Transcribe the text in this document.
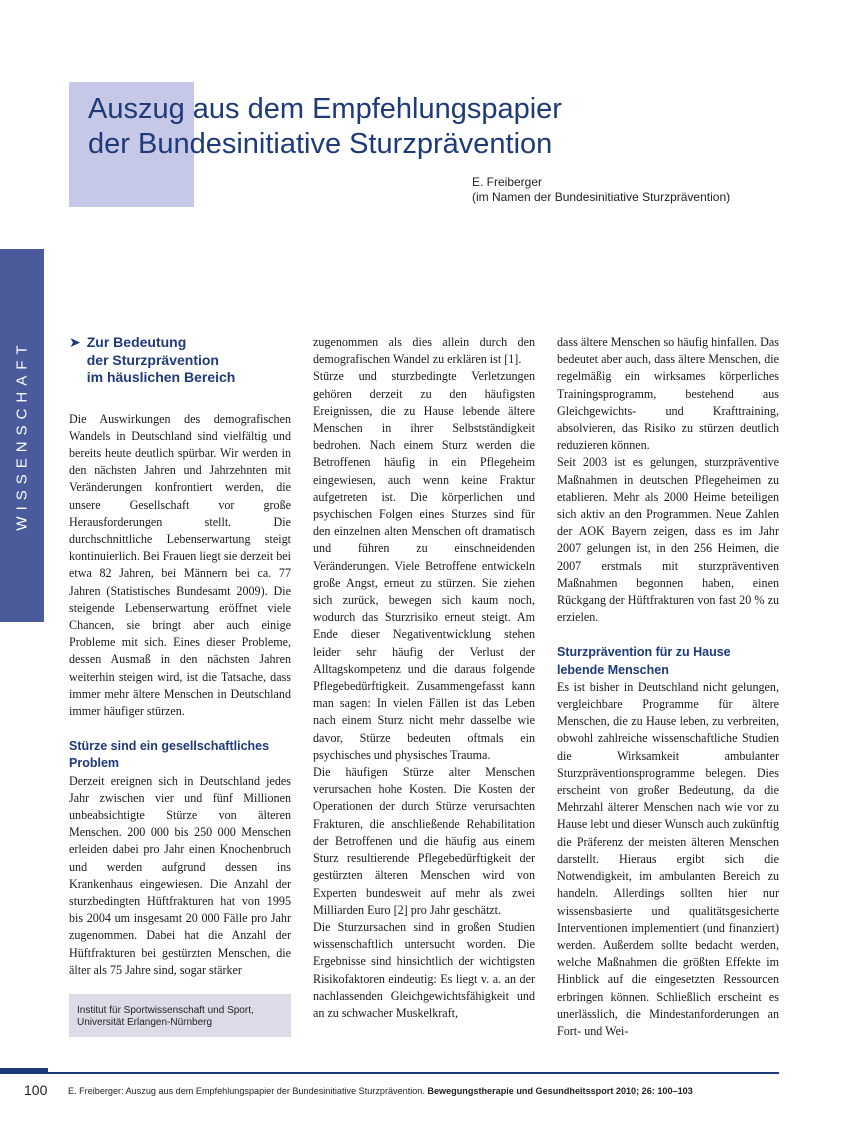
Auszug aus dem Empfehlungspapier
der Bundesinitiative Sturzprävention
E. Freiberger
(im Namen der Bundesinitiative Sturzprävention)
WISSENSCHAFT	➤ Zur Bedeutung
der Sturzprävention
im häuslichen Bereich

Die Auswirkungen des demografischen Wandels in Deutschland sind vielfältig und bereits heute deutlich spürbar. Wir werden in den nächsten Jahren und Jahrzehnten mit Veränderungen konfrontiert werden, die unsere Gesellschaft vor große Herausforderungen stellt. Die durchschnittliche Lebenserwartung steigt kontinuierlich. Bei Frauen liegt sie derzeit bei etwa 82 Jahren, bei Männern bei ca. 77 Jahren (Statistisches Bundesamt 2009). Die steigende Lebenserwartung eröffnet viele Chancen, sie bringt aber auch einige Probleme mit sich. Eines dieser Probleme, dessen Ausmaß in den nächsten Jahren weiterhin steigen wird, ist die Tatsache, dass immer mehr ältere Menschen in Deutschland immer häufiger stürzen.

Stürze sind ein gesellschaftliches Problem

Derzeit ereignen sich in Deutschland jedes Jahr zwischen vier und fünf Millionen unbeabsichtigte Stürze von älteren Menschen. 200 000 bis 250 000 Menschen erleiden dabei pro Jahr einen Knochenbruch und werden aufgrund dessen ins Krankenhaus eingewiesen. Die Anzahl der sturzbedingten Hüftfrakturen hat von 1995 bis 2004 um insgesamt 20 000 Fälle pro Jahr zugenommen. Dabei hat die Anzahl der Hüftfrakturen bei gestürzten Menschen, die älter als 75 Jahre sind, sogar stärker

zugenommen als dies allein durch den demografischen Wandel zu erklären ist [1].

Stürze und sturzbedingte Verletzungen gehören derzeit zu den häufigsten Ereignissen, die zu Hause lebende ältere Menschen in ihrer Selbstständigkeit bedrohen. Nach einem Sturz werden die Betroffenen häufig in ein Pflegeheim eingewiesen, auch wenn keine Fraktur aufgetreten ist. Die körperlichen und psychischen Folgen eines Sturzes sind für den einzelnen alten Menschen oft dramatisch und führen zu einschneidenden Veränderungen. Viele Betroffene entwickeln große Angst, erneut zu stürzen. Sie ziehen sich zurück, bewegen sich kaum noch, wodurch das Sturzrisiko erneut steigt. Am Ende dieser Negativentwicklung stehen leider sehr häufig der Verlust der Alltagskompetenz und die daraus folgende Pflegebedürftigkeit. Zusammengefasst kann man sagen: In vielen Fällen ist das Leben nach einem Sturz nicht mehr dasselbe wie davor, Stürze bedeuten oftmals ein psychisches und physisches Trauma.

Die häufigen Stürze alter Menschen verursachen hohe Kosten. Die Kosten der Operationen der durch Stürze verursachten Frakturen, die anschließende Rehabilitation der Betroffenen und die häufig aus einem Sturz resultierende Pflegebedürftigkeit der gestürzten älteren Menschen wird von Experten bundesweit auf mehr als zwei Milliarden Euro [2] pro Jahr geschätzt.

Die Sturzursachen sind in großen Studien wissenschaftlich untersucht worden. Die Ergebnisse sind hinsichtlich der wichtigsten Risikofaktoren eindeutig: Es liegt v. a. an der nachlassenden Gleichgewichtsfähigkeit und an zu schwacher Muskelkraft,

dass ältere Menschen so häufig hinfallen. Das bedeutet aber auch, dass ältere Menschen, die regelmäßig ein wirksames körperliches Trainingsprogramm, bestehend aus Gleichgewichts- und Krafttraining, absolvieren, das Risiko zu stürzen deutlich reduzieren können.

Seit 2003 ist es gelungen, sturzpräventive Maßnahmen in deutschen Pflegeheimen zu etablieren. Mehr als 2000 Heime beteiligen sich aktiv an den Programmen. Neue Zahlen der AOK Bayern zeigen, dass es im Jahr 2007 gelungen ist, in den 256 Heimen, die 2007 erstmals mit sturzpräventiven Maßnahmen begonnen haben, einen Rückgang der Hüftfrakturen von fast 20 % zu erzielen.

Sturzprävention für zu Hause lebende Menschen

Es ist bisher in Deutschland nicht gelungen, vergleichbare Programme für ältere Menschen, die zu Hause leben, zu verbreiten, obwohl zahlreiche wissenschaftliche Studien die Wirksamkeit ambulanter Sturzpräventionsprogramme belegen. Dies erscheint von großer Bedeutung, da die Mehrzahl älterer Menschen nach wie vor zu Hause lebt und dieser Wunsch auch zukünftig die Präferenz der meisten älteren Menschen darstellt. Hieraus ergibt sich die Notwendigkeit, im ambulanten Bereich zu handeln. Allerdings sollten hier nur wissensbasierte und qualitätsgesicherte Interventionen implementiert (und finanziert) werden. Außerdem sollte bedacht werden, welche Maßnahmen die größten Effekte im Hinblick auf die eingesetzten Ressourcen erbringen können. Schließlich erscheint es unerlässlich, die Mindestanforderungen an Fort- und Wei-

Institut für Sportwissenschaft und Sport,
Universität Erlangen-Nürnberg
100 E. Freiberger: Auszug aus dem Empfehlungspapier der Bundesinitiative Sturzprävention. Bewegungstherapie und Gesundheitssport 2010; 26: 100–103
